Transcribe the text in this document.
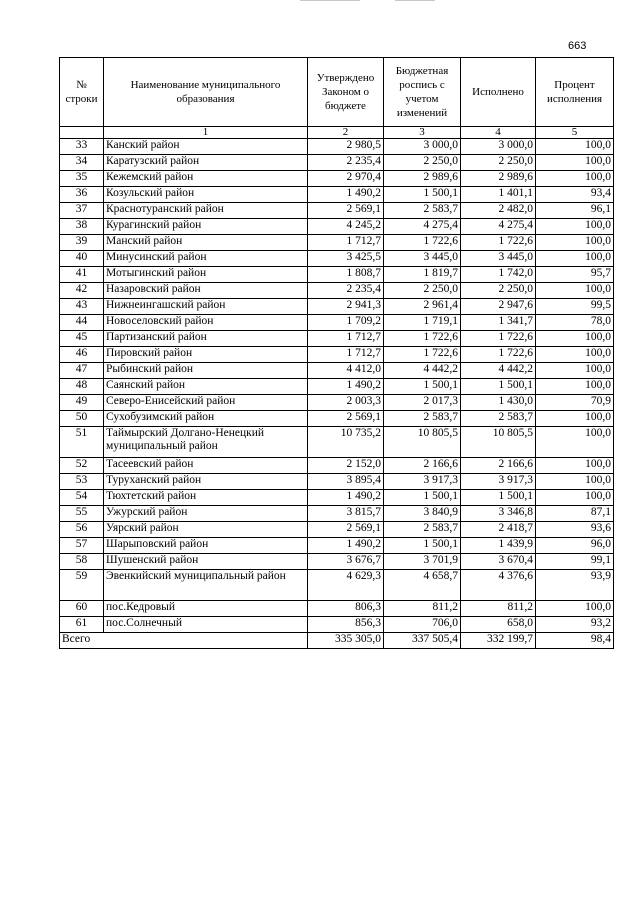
663
№ строки	Наименование муниципального образования	Утверждено Законом о бюджете	Бюджетная роспись с учетом изменений	Исполнено	Процент исполнения
	1	2	3	4	5
33	Канский район	2 980,5	3 000,0	3 000,0	100,0
34	Каратузский район	2 235,4	2 250,0	2 250,0	100,0
35	Кежемский район	2 970,4	2 989,6	2 989,6	100,0
36	Козульский район	1 490,2	1 500,1	1 401,1	93,4
37	Краснотуранский район	2 569,1	2 583,7	2 482,0	96,1
38	Курагинский район	4 245,2	4 275,4	4 275,4	100,0
39	Манский район	1 712,7	1 722,6	1 722,6	100,0
40	Минусинский район	3 425,5	3 445,0	3 445,0	100,0
41	Мотыгинский район	1 808,7	1 819,7	1 742,0	95,7
42	Назаровский район	2 235,4	2 250,0	2 250,0	100,0
43	Нижнеингашский район	2 941,3	2 961,4	2 947,6	99,5
44	Новоселовский район	1 709,2	1 719,1	1 341,7	78,0
45	Партизанский район	1 712,7	1 722,6	1 722,6	100,0
46	Пировский район	1 712,7	1 722,6	1 722,6	100,0
47	Рыбинский район	4 412,0	4 442,2	4 442,2	100,0
48	Саянский район	1 490,2	1 500,1	1 500,1	100,0
49	Северо-Енисейский район	2 003,3	2 017,3	1 430,0	70,9
50	Сухобузимский район	2 569,1	2 583,7	2 583,7	100,0
51	Таймырский Долгано-Ненецкий муниципальный район	10 735,2	10 805,5	10 805,5	100,0
52	Тасеевский район	2 152,0	2 166,6	2 166,6	100,0
53	Туруханский район	3 895,4	3 917,3	3 917,3	100,0
54	Тюхтетский район	1 490,2	1 500,1	1 500,1	100,0
55	Ужурский район	3 815,7	3 840,9	3 346,8	87,1
56	Уярский район	2 569,1	2 583,7	2 418,7	93,6
57	Шарыповский район	1 490,2	1 500,1	1 439,9	96,0
58	Шушенский район	3 676,7	3 701,9	3 670,4	99,1
59	Эвенкийский муниципальный район	4 629,3	4 658,7	4 376,6	93,9
60	пос.Кедровый	806,3	811,2	811,2	100,0
61	пос.Солнечный	856,3	706,0	658,0	93,2
Всего		335 305,0	337 505,4	332 199,7	98,4
